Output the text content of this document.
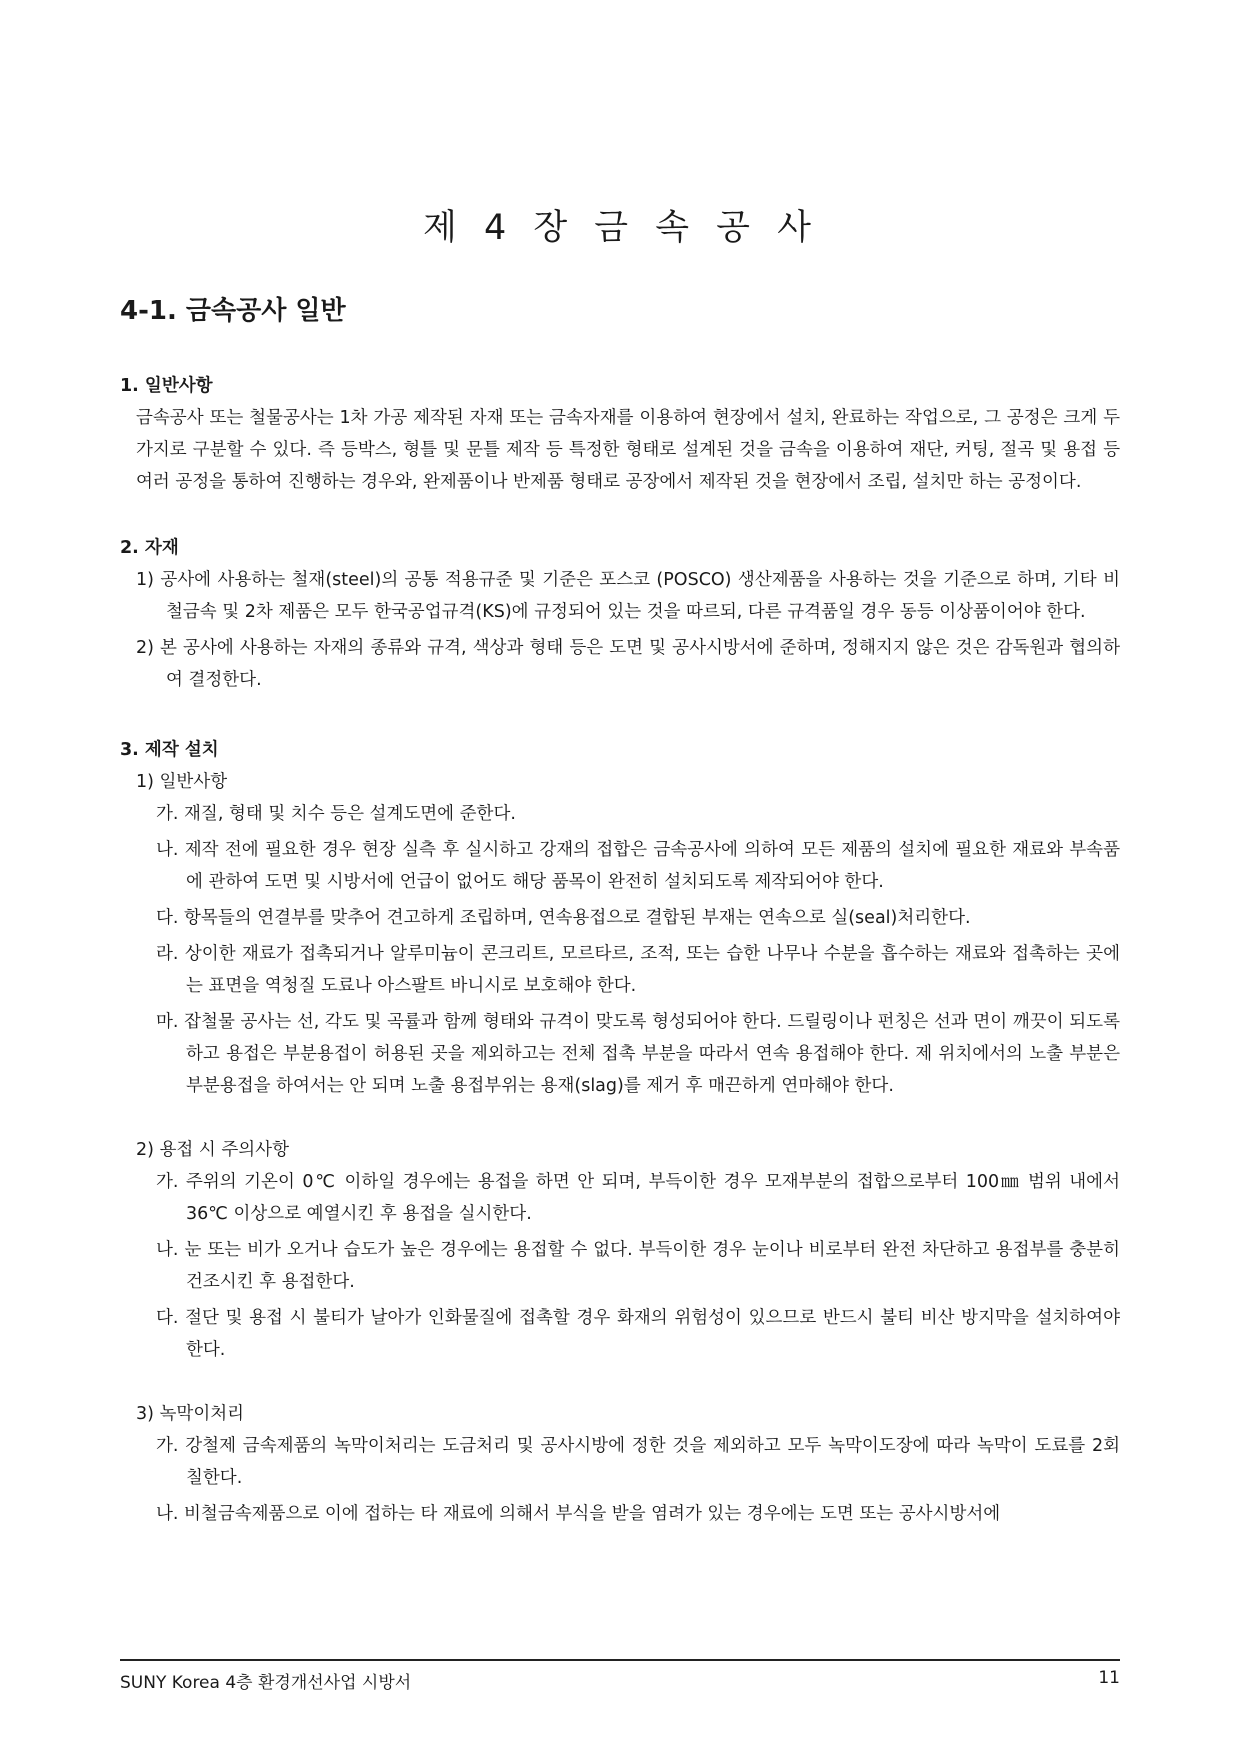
제 4 장 금 속 공 사
4-1. 금속공사 일반

1. 일반사항

금속공사 또는 철물공사는 1차 가공 제작된 자재 또는 금속자재를 이용하여 현장에서 설치, 완료하는 작업으로, 그 공정은 크게 두 가지로 구분할 수 있다. 즉 등박스, 형틀 및 문틀 제작 등 특정한 형태로 설계된 것을 금속을 이용하여 재단, 커팅, 절곡 및 용접 등 여러 공정을 통하여 진행하는 경우와, 완제품이나 반제품 형태로 공장에서 제작된 것을 현장에서 조립, 설치만 하는 공정이다.

2. 자재

1) 공사에 사용하는 철재(steel)의 공통 적용규준 및 기준은 포스코 (POSCO) 생산제품을 사용하는 것을 기준으로 하며, 기타 비철금속 및 2차 제품은 모두 한국공업규격(KS)에 규정되어 있는 것을 따르되, 다른 규격품일 경우 동등 이상품이어야 한다.

2) 본 공사에 사용하는 자재의 종류와 규격, 색상과 형태 등은 도면 및 공사시방서에 준하며, 정해지지 않은 것은 감독원과 협의하여 결정한다.

3. 제작 설치

1) 일반사항

가. 재질, 형태 및 치수 등은 설계도면에 준한다.

나. 제작 전에 필요한 경우 현장 실측 후 실시하고 강재의 접합은 금속공사에 의하여 모든 제품의 설치에 필요한 재료와 부속품에 관하여 도면 및 시방서에 언급이 없어도 해당 품목이 완전히 설치되도록 제작되어야 한다.

다. 항목들의 연결부를 맞추어 견고하게 조립하며, 연속용접으로 결합된 부재는 연속으로 실(seal)처리한다.

라. 상이한 재료가 접촉되거나 알루미늄이 콘크리트, 모르타르, 조적, 또는 습한 나무나 수분을 흡수하는 재료와 접촉하는 곳에는 표면을 역청질 도료나 아스팔트 바니시로 보호해야 한다.

마. 잡철물 공사는 선, 각도 및 곡률과 함께 형태와 규격이 맞도록 형성되어야 한다. 드릴링이나 펀칭은 선과 면이 깨끗이 되도록 하고 용접은 부분용접이 허용된 곳을 제외하고는 전체 접촉 부분을 따라서 연속 용접해야 한다. 제 위치에서의 노출 부분은 부분용접을 하여서는 안 되며 노출 용접부위는 용재(slag)를 제거 후 매끈하게 연마해야 한다.

2) 용접 시 주의사항

가. 주위의 기온이 0℃ 이하일 경우에는 용접을 하면 안 되며, 부득이한 경우 모재부분의 접합으로부터 100㎜ 범위 내에서 36℃ 이상으로 예열시킨 후 용접을 실시한다.

나. 눈 또는 비가 오거나 습도가 높은 경우에는 용접할 수 없다. 부득이한 경우 눈이나 비로부터 완전 차단하고 용접부를 충분히 건조시킨 후 용접한다.

다. 절단 및 용접 시 불티가 날아가 인화물질에 접촉할 경우 화재의 위험성이 있으므로 반드시 불티 비산 방지막을 설치하여야 한다.

3) 녹막이처리

가. 강철제 금속제품의 녹막이처리는 도금처리 및 공사시방에 정한 것을 제외하고 모두 녹막이도장에 따라 녹막이 도료를 2회 칠한다.

나. 비철금속제품으로 이에 접하는 타 재료에 의해서 부식을 받을 염려가 있는 경우에는 도면 또는 공사시방서에

SUNY Korea 4층 환경개선사업 시방서	11
